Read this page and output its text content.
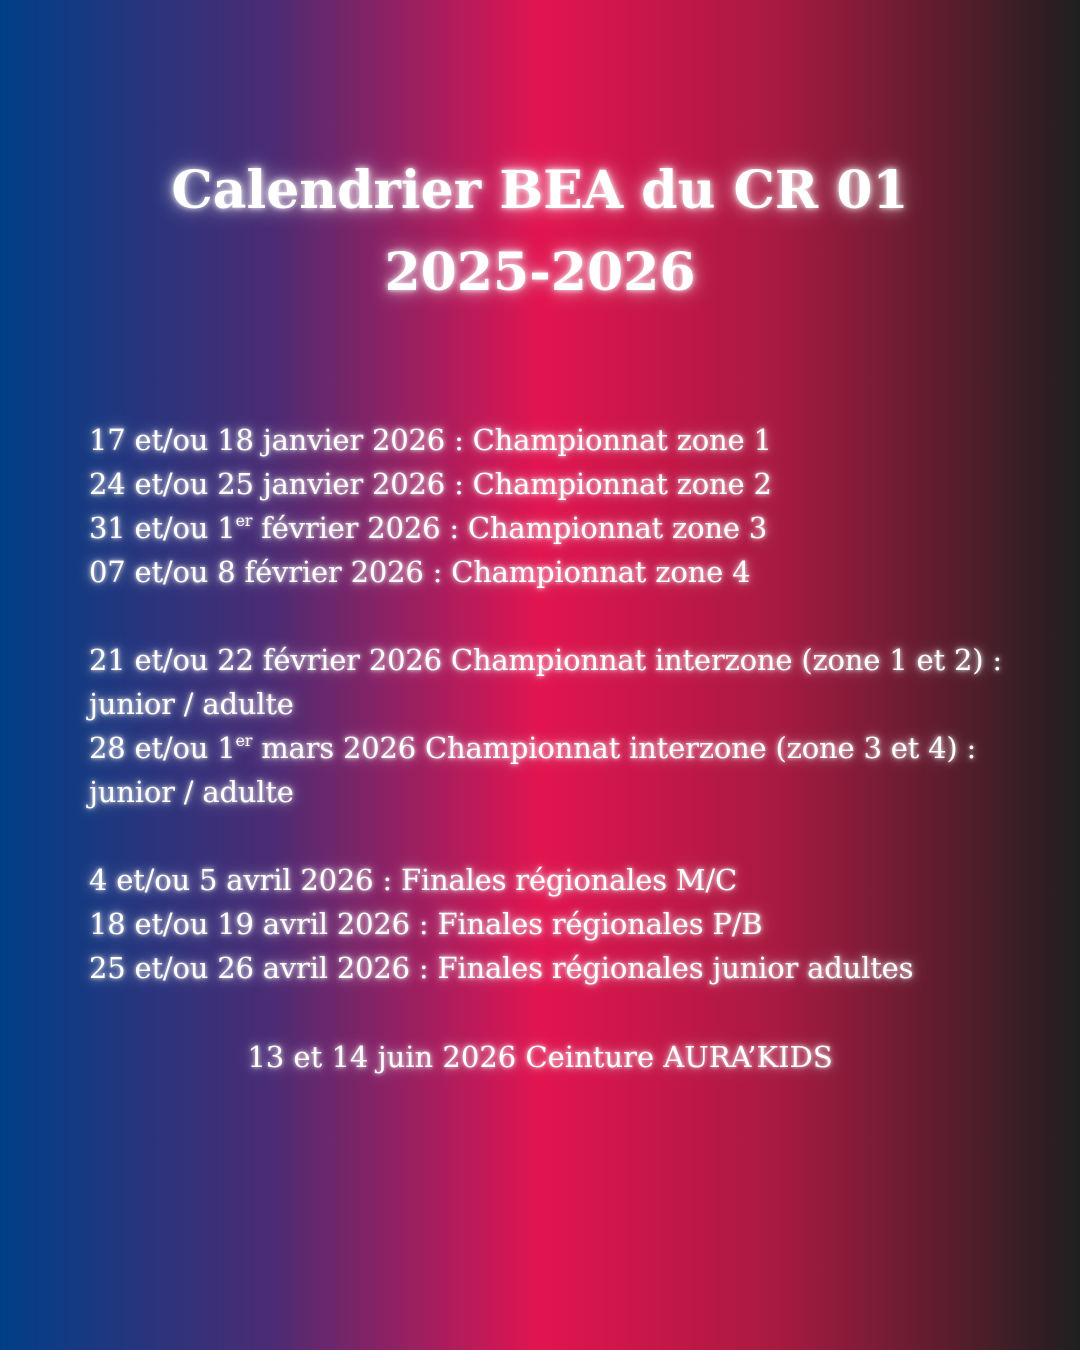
Calendrier BEA du CR 01
2025-2026
17 et/ou 18 janvier 2026 : Championnat zone 1
24 et/ou 25 janvier 2026 : Championnat zone 2
31 et/ou 1er février 2026 : Championnat zone 3
07 et/ou 8 février 2026 : Championnat zone 4
21 et/ou 22 février 2026 Championnat interzone (zone 1 et 2) :
junior / adulte
28 et/ou 1er mars 2026 Championnat interzone (zone 3 et 4) :
junior / adulte
4 et/ou 5 avril 2026 : Finales régionales M/C
18 et/ou 19 avril 2026 : Finales régionales P/B
25 et/ou 26 avril 2026 : Finales régionales junior adultes
13 et 14 juin 2026 Ceinture AURA’KIDS
